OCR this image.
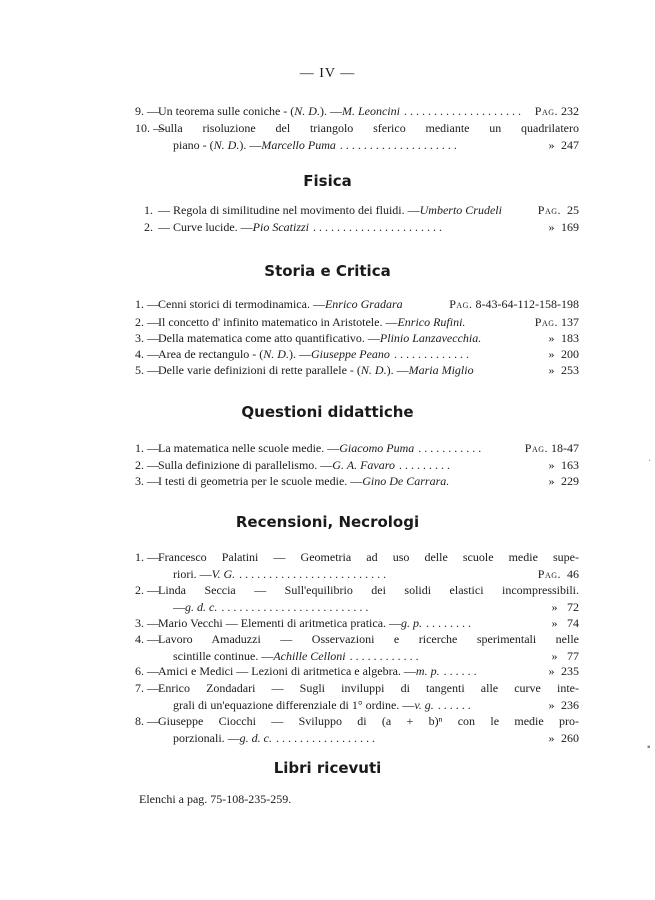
— IV —
9. — Un teorema sulle coniche - ( N. D. ). — M. Leoncini . . . . . . . . . . . . . . . . . . . . Pag. 232
10. —
Sulla risoluzione del triangolo sferico mediante un quadrilatero
piano - ( N. D. ). — Marcello Puma . . . . . . . . . . . . . . . . . . . .	» 247
Fisica
1. — Regola di similitudine nel movimento dei fluidi. — Umberto Crudeli	Pag. 25
2. — Curve lucide. — Pio Scatizzi . . . . . . . . . . . . . . . . . . . . . .	» 169
Storia e Critica
1. — Cenni storici di termodinamica. — Enrico Gradara	Pag. 8-43-64-112-158-198
2. — Il concetto d' infinito matematico in Aristotele. — Enrico Rufini.	Pag. 137
3. — Della matematica come atto quantificativo. — Plinio Lanzavecchia.	» 183
4. — Area de rectangulo - ( N. D. ). — Giuseppe Peano . . . . . . . . . . . . .	» 200
5. — Delle varie definizioni di rette parallele - ( N. D. ). — Maria Miglio	» 253
Questioni didattiche
1. — La matematica nelle scuole medie. — Giacomo Puma . . . . . . . . . . .	Pag. 18-47
2. — Sulla definizione di parallelismo. — G. A. Favaro . . . . . . . . .	» 163
3. — I testi di geometria per le scuole medie. — Gino De Carrara.	» 229
Recensioni, Necrologi
1. — Francesco Palatini — Geometria ad uso delle scuole medie supe-
riori. — V. G. . . . . . . . . . . . . . . . . . . . . . . . . .	Pag. 46
2. — Linda Seccia — Sull'equilibrio dei solidi elastici incompressibili.
— g. d. c. . . . . . . . . . . . . . . . . . . . . . . . . .	» 72
3. — Mario Vecchi — Elementi di aritmetica pratica. — g. p. . . . . . . . .	» 74
4. — Lavoro Amaduzzi — Osservazioni e ricerche sperimentali nelle
scintille continue. — Achille Celloni . . . . . . . . . . . .	» 77
6. — Amici e Medici — Lezioni di aritmetica e algebra. — m. p. . . . . . .	» 235
7. — Enrico Zondadari — Sugli inviluppi di tangenti alle curve inte-
grali di un'equazione differenziale di 1° ordine. — v. g. . . . . . .	» 236
8. — Giuseppe Ciocchi — Sviluppo di (a + b)ⁿ con le medie pro-
porzionali. — g. d. c. . . . . . . . . . . . . . . . . .	» 260
Libri ricevuti
Elenchi a pag. 75-108-235-259.
·
▪
